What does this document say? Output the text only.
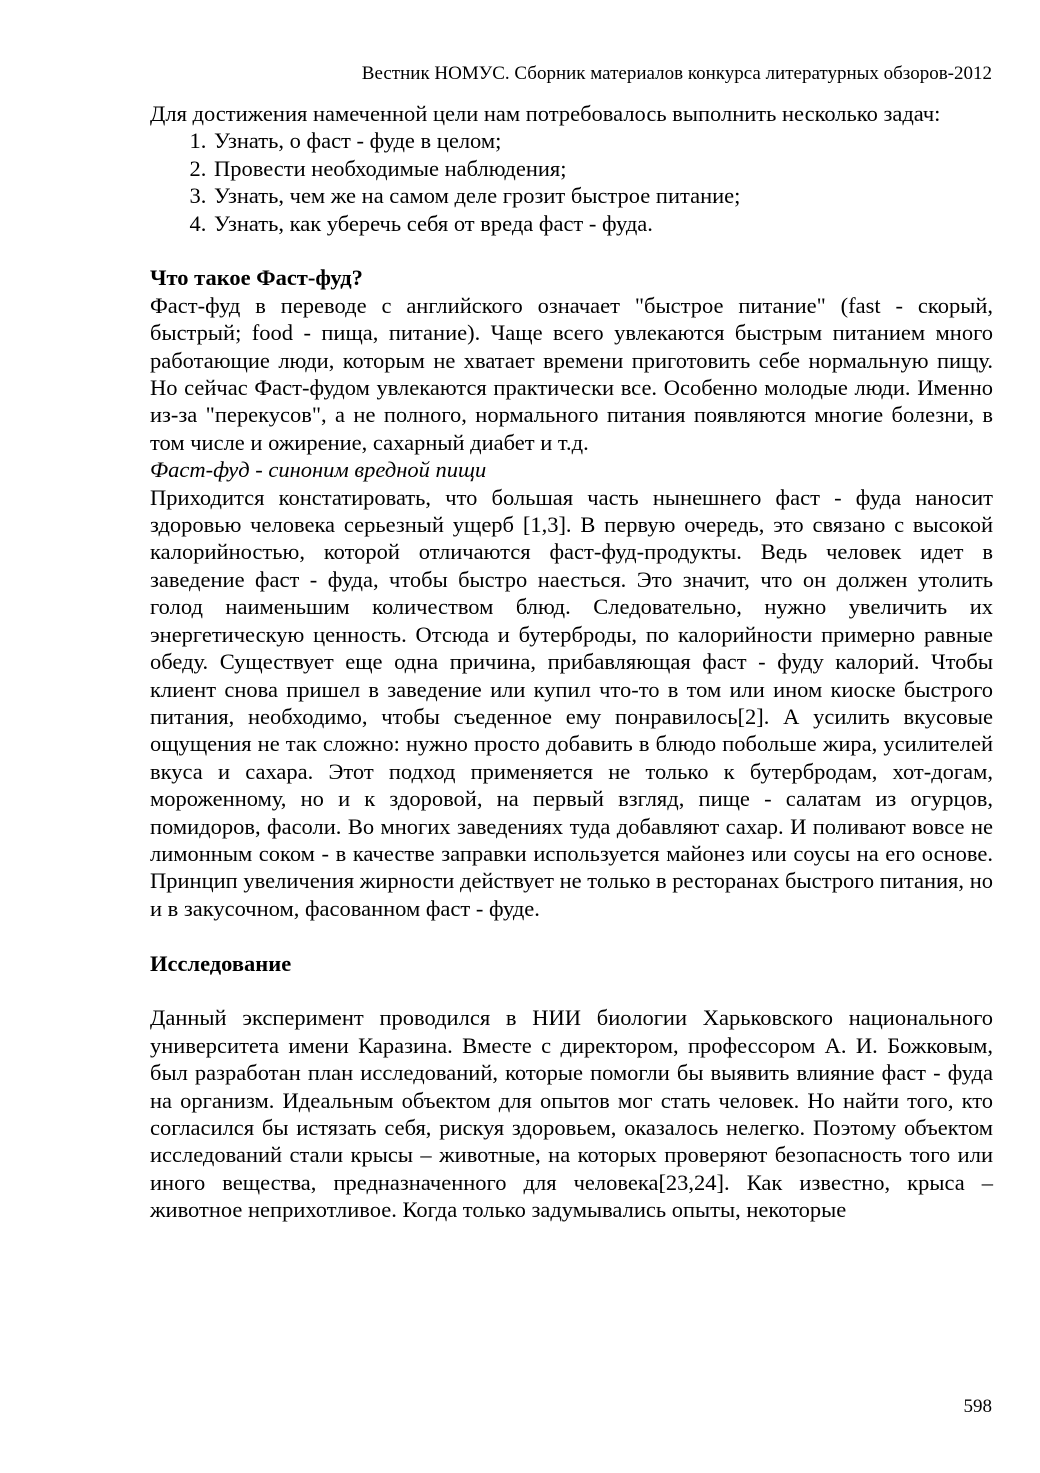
Вестник НОМУС. Сборник материалов конкурса литературных обзоров-2012

Для достижения намеченной цели нам потребовалось выполнить несколько задач:

1. Узнать, о фаст - фуде в целом;
2. Провести необходимые наблюдения;
3. Узнать, чем же на самом деле грозит быстрое питание;
4. Узнать, как уберечь себя от вреда фаст - фуда.

Что такое Фаст-фуд?

Фаст-фуд в переводе с английского означает "быстрое питание" (fast - скорый, быстрый; food - пища, питание). Чаще всего увлекаются быстрым питанием много работающие люди, которым не хватает времени приготовить себе нормальную пищу. Но сейчас Фаст-фудом увлекаются практически все. Особенно молодые люди. Именно из-за "перекусов", а не полного, нормального питания появляются многие болезни, в том числе и ожирение, сахарный диабет и т.д.

Фаст-фуд - синоним вредной пищи

Приходится констатировать, что большая часть нынешнего фаст - фуда наносит здоровью человека серьезный ущерб [1,3]. В первую очередь, это связано с высокой калорийностью, которой отличаются фаст-фуд-продукты. Ведь человек идет в заведение фаст - фуда, чтобы быстро наесться. Это значит, что он должен утолить голод наименьшим количеством блюд. Следовательно, нужно увеличить их энергетическую ценность. Отсюда и бутерброды, по калорийности примерно равные обеду. Существует еще одна причина, прибавляющая фаст - фуду калорий. Чтобы клиент снова пришел в заведение или купил что-то в том или ином киоске быстрого питания, необходимо, чтобы съеденное ему понравилось[2]. А усилить вкусовые ощущения не так сложно: нужно просто добавить в блюдо побольше жира, усилителей вкуса и сахара. Этот подход применяется не только к бутербродам, хот-догам, мороженному, но и к здоровой, на первый взгляд, пище - салатам из огурцов, помидоров, фасоли. Во многих заведениях туда добавляют сахар. И поливают вовсе не лимонным соком - в качестве заправки используется майонез или соусы на его основе. Принцип увеличения жирности действует не только в ресторанах быстрого питания, но и в закусочном, фасованном фаст - фуде.

Исследование

Данный эксперимент проводился в НИИ биологии Харьковского национального университета имени Каразина. Вместе с директором, профессором А. И. Божковым, был разработан план исследований, которые помогли бы выявить влияние фаст - фуда на организм. Идеальным объектом для опытов мог стать человек. Но найти того, кто согласился бы истязать себя, рискуя здоровьем, оказалось нелегко. Поэтому объектом исследований стали крысы – животные, на которых проверяют безопасность того или иного вещества, предназначенного для человека[23,24]. Как известно, крыса – животное неприхотливое. Когда только задумывались опыты, некоторые

598
